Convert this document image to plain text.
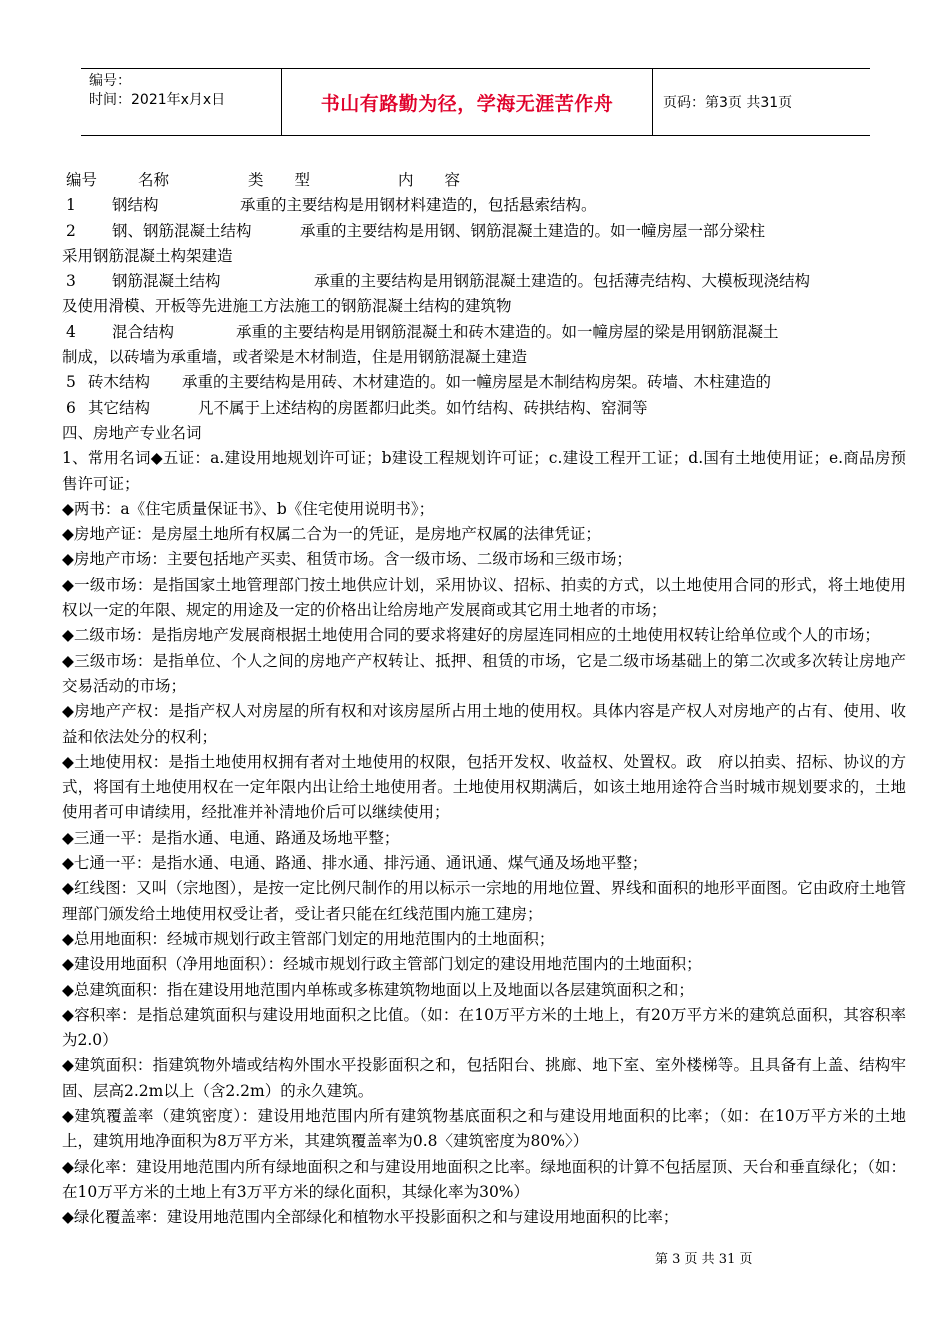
编号：
时间：2021年x月x日	书山有路勤为径，学海无涯苦作舟	页码：第3页 共31页

编号	名称	类　　型	内　　容

1 钢结构	承重的主要结构是用钢材料建造的，包括悬索结构。

2 钢、钢筋混凝土结构	承重的主要结构是用钢、钢筋混凝土建造的。如一幢房屋一部分梁柱

采用钢筋混凝土构架建造

3 钢筋混凝土结构	承重的主要结构是用钢筋混凝土建造的。包括薄壳结构、大模板现浇结构

及使用滑模、开板等先进施工方法施工的钢筋混凝土结构的建筑物

4 混合结构	承重的主要结构是用钢筋混凝土和砖木建造的。如一幢房屋的梁是用钢筋混凝土

制成，以砖墙为承重墙，或者梁是木材制造，住是用钢筋混凝土建造

5 砖木结构 承重的主要结构是用砖、木材建造的。如一幢房屋是木制结构房架。砖墙、木柱建造的

6 其它结构	凡不属于上述结构的房匿都归此类。如竹结构、砖拱结构、窑洞等

四、房地产专业名词

1、常用名词◆五证：a.建设用地规划许可证；b建设工程规划许可证；c.建设工程开工证；d.国有土地使用证；e.商品房预售许可证；

◆两书：a《住宅质量保证书》、b《住宅使用说明书》；

◆房地产证：是房屋土地所有权属二合为一的凭证，是房地产权属的法律凭证；

◆房地产市场：主要包括地产买卖、租赁市场。含一级市场、二级市场和三级市场；

◆一级市场：是指国家土地管理部门按土地供应计划，采用协议、招标、拍卖的方式，以土地使用合同的形式，将土地使用权以一定的年限、规定的用途及一定的价格出让给房地产发展商或其它用土地者的市场；

◆二级市场：是指房地产发展商根据土地使用合同的要求将建好的房屋连同相应的土地使用权转让给单位或个人的市场；

◆三级市场：是指单位、个人之间的房地产产权转让、抵押、租赁的市场，它是二级市场基础上的第二次或多次转让房地产交易活动的市场；

◆房地产产权：是指产权人对房屋的所有权和对该房屋所占用土地的使用权。具体内容是产权人对房地产的占有、使用、收益和依法处分的权利；

◆土地使用权：是指土地使用权拥有者对土地使用的权限，包括开发权、收益权、处置权。政　府以拍卖、招标、协议的方式，将国有土地使用权在一定年限内出让给土地使用者。土地使用权期满后，如该土地用途符合当时城市规划要求的，土地使用者可申请续用，经批准并补清地价后可以继续使用；

◆三通一平：是指水通、电通、路通及场地平整；

◆七通一平：是指水通、电通、路通、排水通、排污通、通讯通、煤气通及场地平整；

◆红线图：又叫（宗地图），是按一定比例尺制作的用以标示一宗地的用地位置、界线和面积的地形平面图。它由政府土地管理部门颁发给土地使用权受让者，受让者只能在红线范围内施工建房；

◆总用地面积：经城市规划行政主管部门划定的用地范围内的土地面积；

◆建设用地面积（净用地面积）：经城市规划行政主管部门划定的建设用地范围内的土地面积；

◆总建筑面积：指在建设用地范围内单栋或多栋建筑物地面以上及地面以各层建筑面积之和；

◆容积率：是指总建筑面积与建设用地面积之比值。（如：在10万平方米的土地上，有20万平方米的建筑总面积，其容积率为2.0）

◆建筑面积：指建筑物外墙或结构外围水平投影面积之和，包括阳台、挑廊、地下室、室外楼梯等。且具备有上盖、结构牢固、层高2.2m以上（含2.2m）的永久建筑。

◆建筑覆盖率（建筑密度）：建设用地范围内所有建筑物基底面积之和与建设用地面积的比率；（如：在10万平方米的土地上，建筑用地净面积为8万平方米，其建筑覆盖率为0.8〈建筑密度为80%〉）

◆绿化率：建设用地范围内所有绿地面积之和与建设用地面积之比率。绿地面积的计算不包括屋顶、天台和垂直绿化；（如：在10万平方米的土地上有3万平方米的绿化面积，其绿化率为30%）

◆绿化覆盖率：建设用地范围内全部绿化和植物水平投影面积之和与建设用地面积的比率；

第 3 页 共 31 页
